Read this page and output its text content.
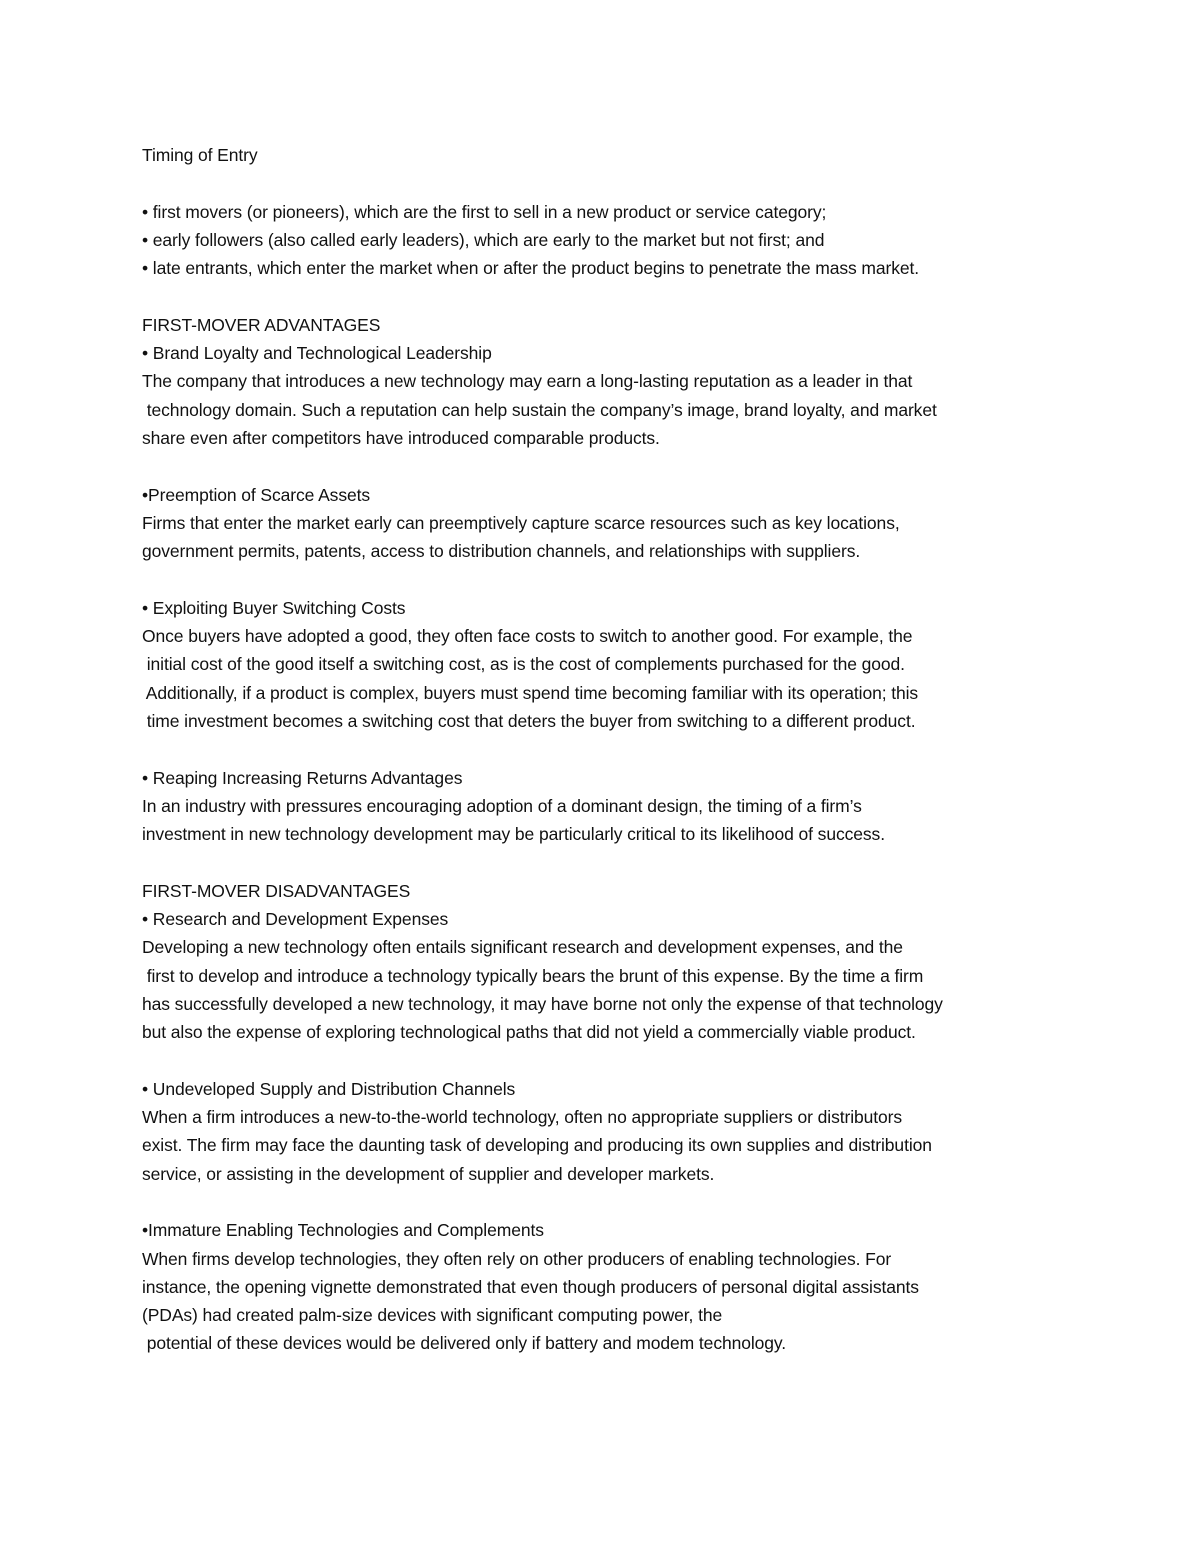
Timing of Entry
• first movers (or pioneers), which are the first to sell in a new product or service category;
• early followers (also called early leaders), which are early to the market but not first; and
• late entrants, which enter the market when or after the product begins to penetrate the mass market.
FIRST-MOVER ADVANTAGES
• Brand Loyalty and Technological Leadership
The company that introduces a new technology may earn a long-lasting reputation as a leader in that
technology domain. Such a reputation can help sustain the company’s image, brand loyalty, and market
share even after competitors have introduced comparable products.
•Preemption of Scarce Assets
Firms that enter the market early can preemptively capture scarce resources such as key locations,
government permits, patents, access to distribution channels, and relationships with suppliers.
• Exploiting Buyer Switching Costs
Once buyers have adopted a good, they often face costs to switch to another good. For example, the
initial cost of the good itself a switching cost, as is the cost of complements purchased for the good.
Additionally, if a product is complex, buyers must spend time becoming familiar with its operation; this
time investment becomes a switching cost that deters the buyer from switching to a different product.
• Reaping Increasing Returns Advantages
In an industry with pressures encouraging adoption of a dominant design, the timing of a firm’s
investment in new technology development may be particularly critical to its likelihood of success.
FIRST-MOVER DISADVANTAGES
• Research and Development Expenses
Developing a new technology often entails significant research and development expenses, and the
first to develop and introduce a technology typically bears the brunt of this expense. By the time a firm
has successfully developed a new technology, it may have borne not only the expense of that technology
but also the expense of exploring technological paths that did not yield a commercially viable product.
• Undeveloped Supply and Distribution Channels
When a firm introduces a new-to-the-world technology, often no appropriate suppliers or distributors
exist. The firm may face the daunting task of developing and producing its own supplies and distribution
service, or assisting in the development of supplier and developer markets.
•Immature Enabling Technologies and Complements
When firms develop technologies, they often rely on other producers of enabling technologies. For
instance, the opening vignette demonstrated that even though producers of personal digital assistants
(PDAs) had created palm-size devices with significant computing power, the
potential of these devices would be delivered only if battery and modem technology.
